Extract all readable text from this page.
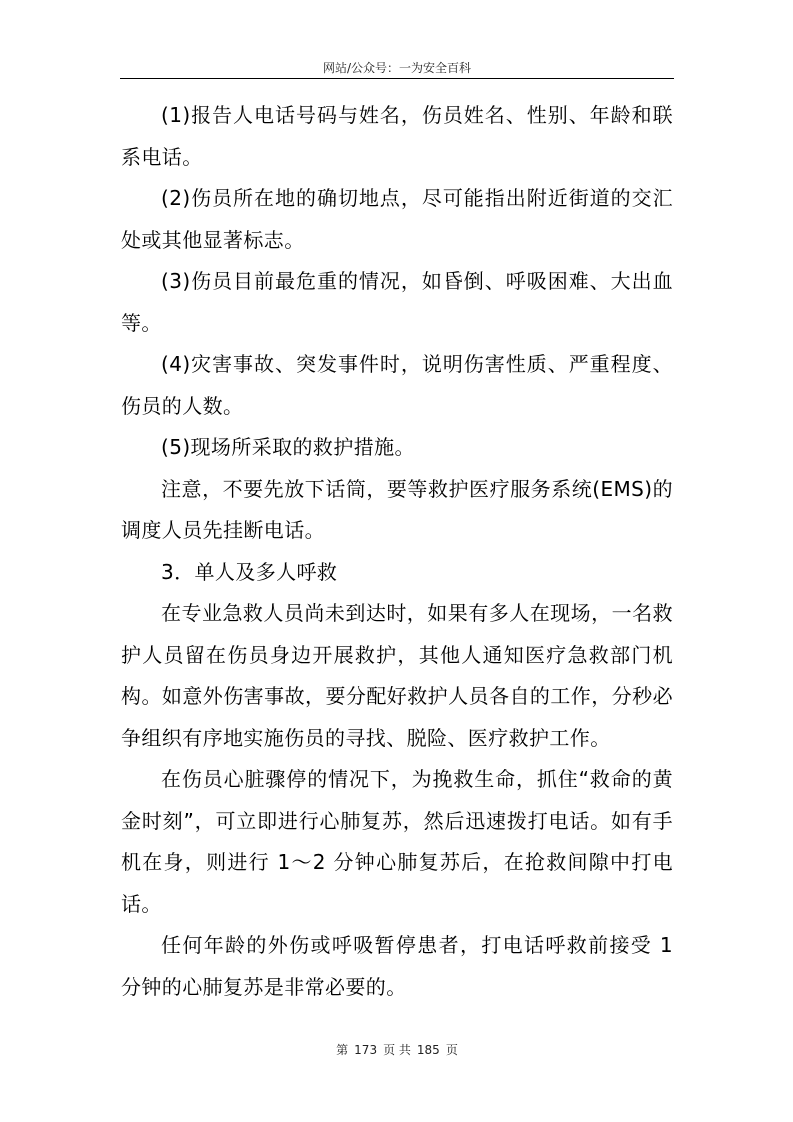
网站/公众号：一为安全百科

(1)报告人电话号码与姓名，伤员姓名、性别、年龄和联系电话。

(2)伤员所在地的确切地点，尽可能指出附近街道的交汇处或其他显著标志。

(3)伤员目前最危重的情况，如昏倒、呼吸困难、大出血等。

(4)灾害事故、突发事件时，说明伤害性质、严重程度、伤员的人数。

(5)现场所采取的救护措施。

注意，不要先放下话筒，要等救护医疗服务系统(EMS)的调度人员先挂断电话。

3．单人及多人呼救

在专业急救人员尚未到达时，如果有多人在现场，一名救护人员留在伤员身边开展救护，其他人通知医疗急救部门机构。如意外伤害事故，要分配好救护人员各自的工作，分秒必争组织有序地实施伤员的寻找、脱险、医疗救护工作。

在伤员心脏骤停的情况下，为挽救生命，抓住“救命的黄金时刻”，可立即进行心肺复苏，然后迅速拨打电话。如有手机在身，则进行 1～2 分钟心肺复苏后，在抢救间隙中打电话。

任何年龄的外伤或呼吸暂停患者，打电话呼救前接受 1 分钟的心肺复苏是非常必要的。

第 173 页 共 185 页
